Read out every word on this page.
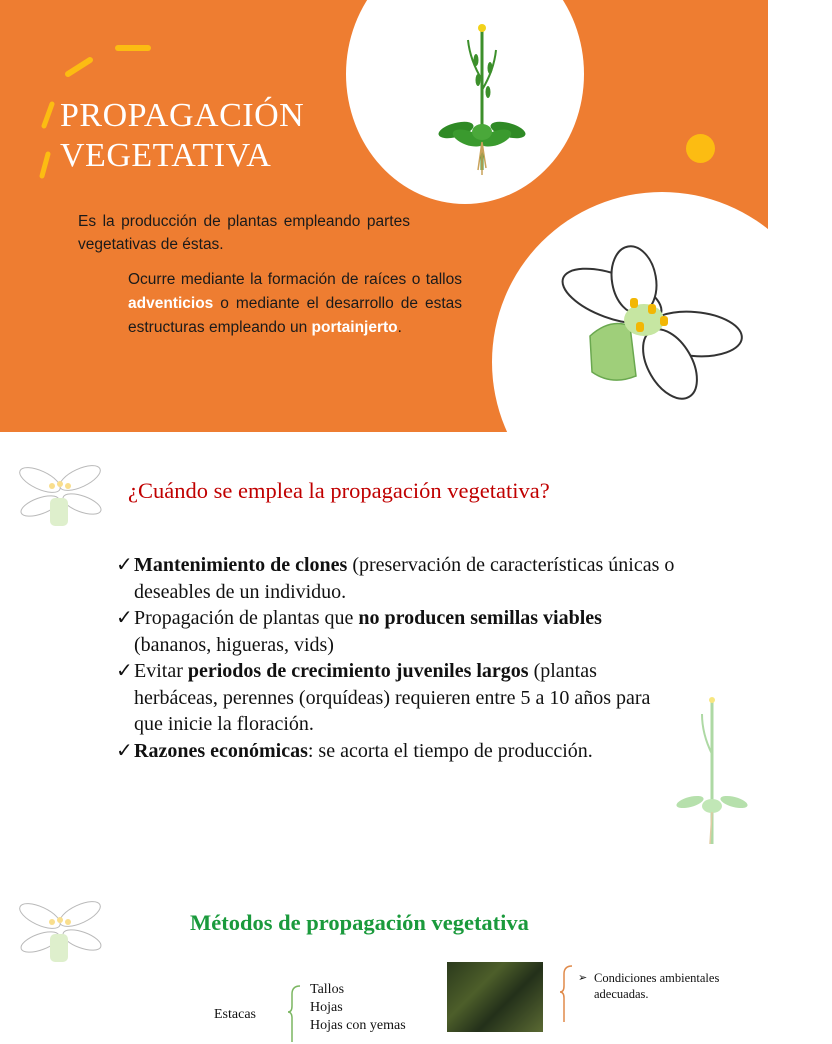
PROPAGACIÓN
VEGETATIVA

Es la producción de plantas empleando partes vegetativas de éstas.

Ocurre mediante la formación de raíces o tallos adventicios o mediante el desarrollo de estas estructuras empleando un portainjerto.

¿Cuándo se emplea la propagación vegetativa?
✓ Mantenimiento de clones (preservación de características únicas o deseables de un individuo.
✓ Propagación de plantas que no producen semillas viables (bananos, higueras, vids)
✓ Evitar periodos de crecimiento juveniles largos (plantas herbáceas, perennes (orquídeas) requieren entre 5 a 10 años para que inicie la floración.
✓ Razones económicas: se acorta el tiempo de producción.
Métodos de propagación vegetativa
Estacas
Tallos
Hojas
Hojas con yemas
➢ Condiciones ambientales adecuadas.
